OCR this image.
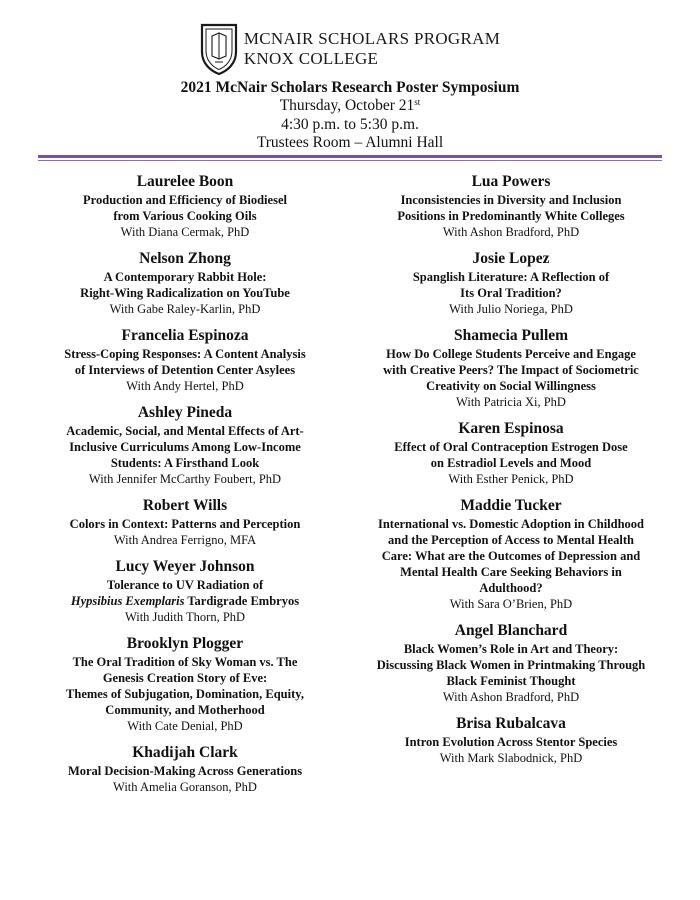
MCNAIR SCHOLARS PROGRAM
KNOX COLLEGE
2021 McNair Scholars Research Poster Symposium
Thursday, October 21st
4:30 p.m. to 5:30 p.m.
Trustees Room – Alumni Hall
Laurelee Boon
Production and Efficiency of Biodiesel
from Various Cooking Oils
With Diana Cermak, PhD
Nelson Zhong
A Contemporary Rabbit Hole:
Right-Wing Radicalization on YouTube
With Gabe Raley-Karlin, PhD
Francelia Espinoza
Stress-Coping Responses: A Content Analysis
of Interviews of Detention Center Asylees
With Andy Hertel, PhD
Ashley Pineda
Academic, Social, and Mental Effects of Art-
Inclusive Curriculums Among Low-Income
Students: A Firsthand Look
With Jennifer McCarthy Foubert, PhD
Robert Wills
Colors in Context: Patterns and Perception
With Andrea Ferrigno, MFA
Lucy Weyer Johnson
Tolerance to UV Radiation of
Hypsibius Exemplaris Tardigrade Embryos
With Judith Thorn, PhD
Brooklyn Plogger
The Oral Tradition of Sky Woman vs. The
Genesis Creation Story of Eve:
Themes of Subjugation, Domination, Equity,
Community, and Motherhood
With Cate Denial, PhD
Khadijah Clark
Moral Decision-Making Across Generations
With Amelia Goranson, PhD
Lua Powers
Inconsistencies in Diversity and Inclusion
Positions in Predominantly White Colleges
With Ashon Bradford, PhD
Josie Lopez
Spanglish Literature: A Reflection of
Its Oral Tradition?
With Julio Noriega, PhD
Shamecia Pullem
How Do College Students Perceive and Engage
with Creative Peers? The Impact of Sociometric
Creativity on Social Willingness
With Patricia Xi, PhD
Karen Espinosa
Effect of Oral Contraception Estrogen Dose
on Estradiol Levels and Mood
With Esther Penick, PhD
Maddie Tucker
International vs. Domestic Adoption in Childhood
and the Perception of Access to Mental Health
Care: What are the Outcomes of Depression and
Mental Health Care Seeking Behaviors in
Adulthood?
With Sara O’Brien, PhD
Angel Blanchard
Black Women’s Role in Art and Theory:
Discussing Black Women in Printmaking Through
Black Feminist Thought
With Ashon Bradford, PhD
Brisa Rubalcava
Intron Evolution Across Stentor Species
With Mark Slabodnick, PhD
